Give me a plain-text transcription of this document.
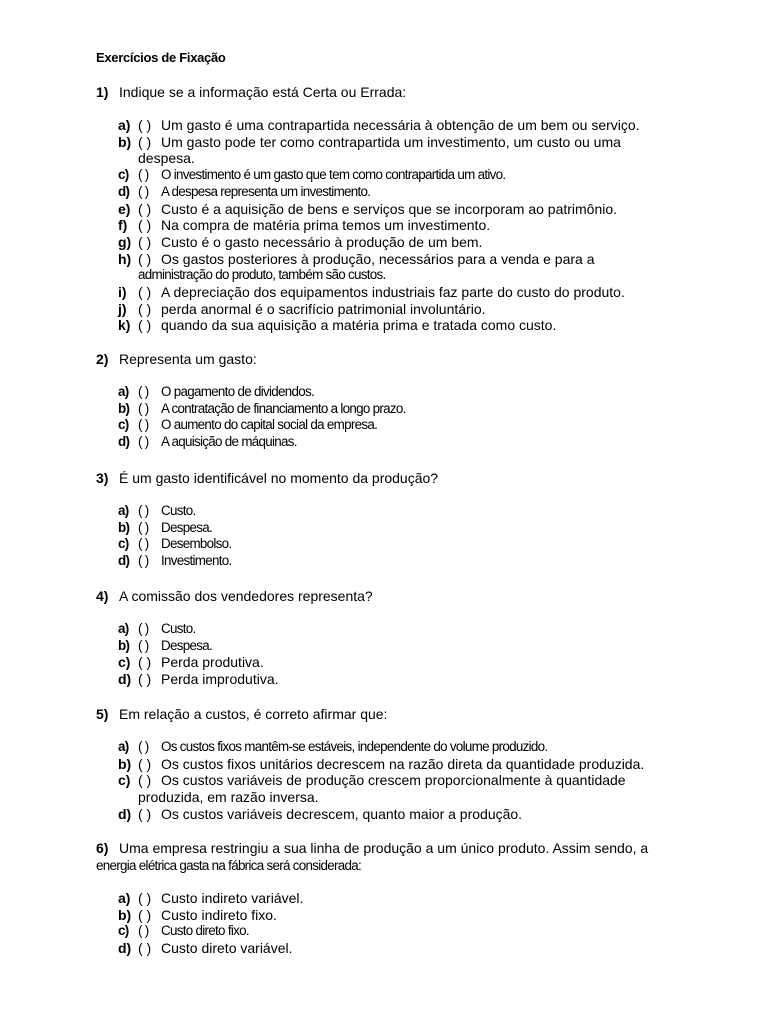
Exercícios de Fixação

1) Indique se a informação está Certa ou Errada:

a) ( ) Um gasto é uma contrapartida necessária à obtenção de um bem ou serviço.

b) ( ) Um gasto pode ter como contrapartida um investimento, um custo ou uma
despesa.

c) ( ) O investimento é um gasto que tem como contrapartida um ativo.

d) ( ) A despesa representa um investimento.

e) ( ) Custo é a aquisição de bens e serviços que se incorporam ao patrimônio.

f) ( ) Na compra de matéria prima temos um investimento.

g) ( ) Custo é o gasto necessário à produção de um bem.

h) ( ) Os gastos posteriores à produção, necessários para a venda e para a
administração do produto, também são custos.

i) ( ) A depreciação dos equipamentos industriais faz parte do custo do produto.

j) ( ) perda anormal é o sacrifício patrimonial involuntário.

k) ( ) quando da sua aquisição a matéria prima e tratada como custo.

2) Representa um gasto:

a) ( ) O pagamento de dividendos.

b) ( ) A contratação de financiamento a longo prazo.

c) ( ) O aumento do capital social da empresa.

d) ( ) A aquisição de máquinas.

3) É um gasto identificável no momento da produção?

a) ( ) Custo.

b) ( ) Despesa.

c) ( ) Desembolso.

d) ( ) Investimento.

4) A comissão dos vendedores representa?

a) ( ) Custo.

b) ( ) Despesa.

c) ( ) Perda produtiva.

d) ( ) Perda improdutiva.

5) Em relação a custos, é correto afirmar que:

a) ( ) Os custos fixos mantêm-se estáveis, independente do volume produzido.

b) ( ) Os custos fixos unitários decrescem na razão direta da quantidade produzida.

c) ( ) Os custos variáveis de produção crescem proporcionalmente à quantidade
produzida, em razão inversa.

d) ( ) Os custos variáveis decrescem, quanto maior a produção.

6) Uma empresa restringiu a sua linha de produção a um único produto. Assim sendo, a
energia elétrica gasta na fábrica será considerada:

a) ( ) Custo indireto variável.

b) ( ) Custo indireto fixo.

c) ( ) Custo direto fixo.

d) ( ) Custo direto variável.
